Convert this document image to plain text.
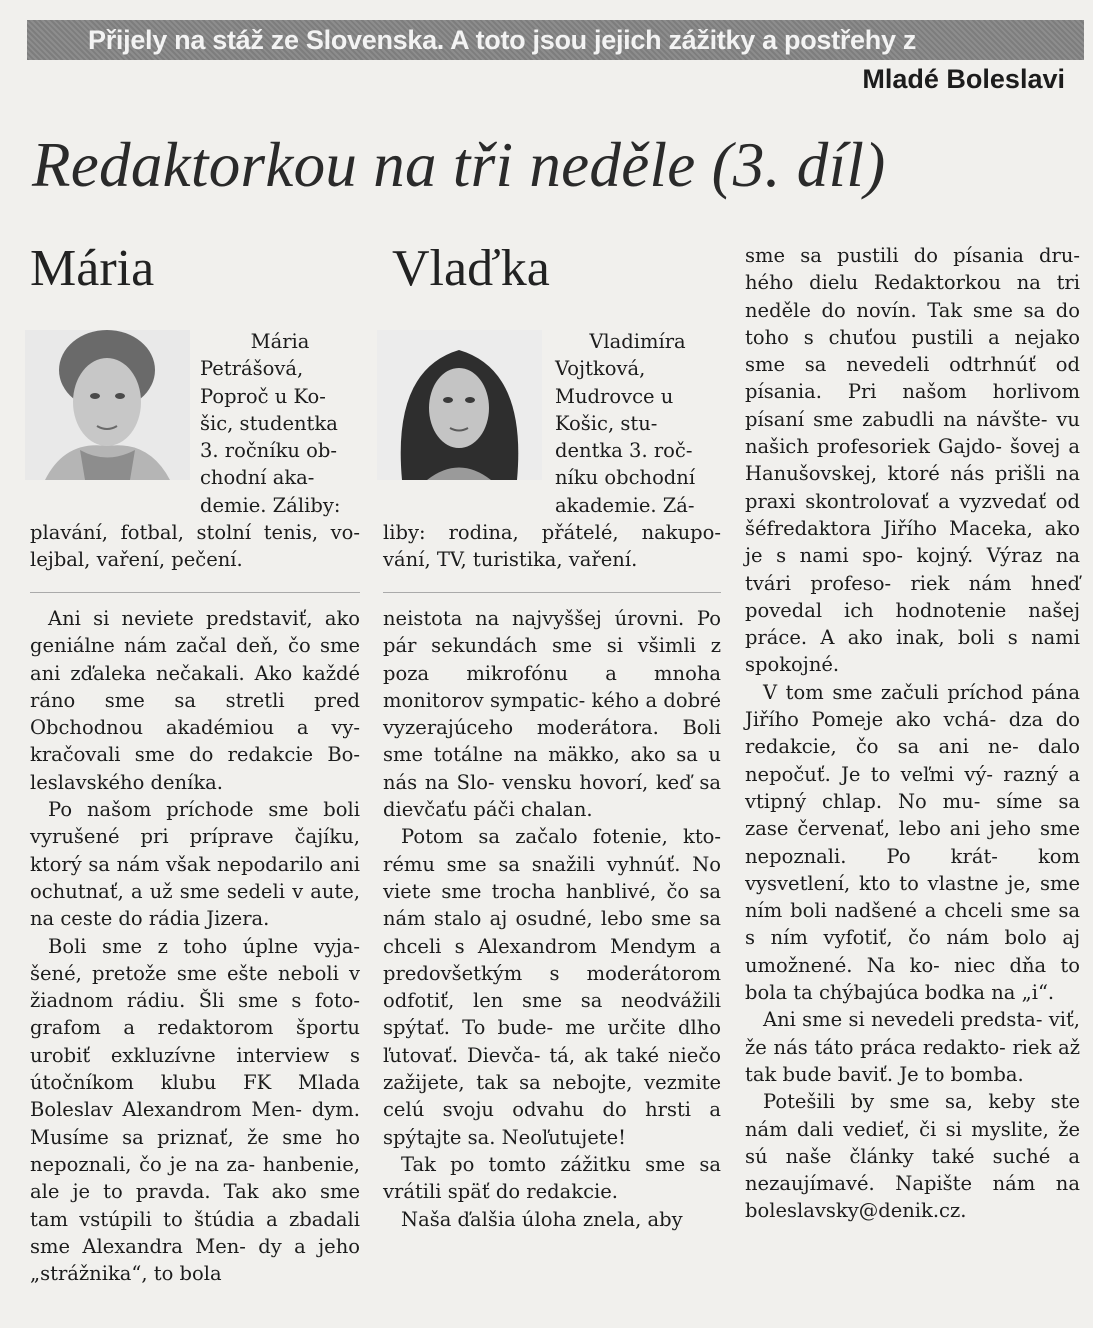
Přijely na stáž ze Slovenska. A toto jsou jejich zážitky a postřehy z
Mladé Boleslavi
Redaktorkou na tři neděle (3. díl)
Mária	Vlaďka
Mária
Petrášová,
Poproč u Ko-
šic, studentka
3. ročníku ob-
chodní aka-
demie. Záliby:
plavání, fotbal, stolní tenis, vo- lejbal, vaření, pečení.
Vladimíra
Vojtková,
Mudrovce u
Košic, stu-
dentka 3. roč-
níku obchodní
akademie. Zá-
liby: rodina, přátelé, nakupo- vání, TV, turistika, vaření.

Ani si neviete predstaviť, ako geniálne nám začal deň, čo sme ani zďaleka nečakali. Ako každé ráno sme sa stretli pred Obchodnou akadémiou a vy- kračovali sme do redakcie Bo- leslavského deníka.

Po našom príchode sme boli vyrušené pri príprave čajíku, ktorý sa nám však nepodarilo ani ochutnať, a už sme sedeli v aute, na ceste do rádia Jizera.

Boli sme z toho úplne vyja- šené, pretože sme ešte neboli v žiadnom rádiu. Šli sme s foto- grafom a redaktorom športu urobiť exkluzívne interview s útočníkom klubu FK Mlada Boleslav Alexandrom Men- dym. Musíme sa priznať, že sme ho nepoznali, čo je na za- hanbenie, ale je to pravda. Tak ako sme tam vstúpili to štúdia a zbadali sme Alexandra Men- dy a jeho „strážnika“, to bola

neistota na najvyššej úrovni. Po pár sekundách sme si všimli z poza mikrofónu a mnoha monitorov sympatic- kého a dobré vyzerajúceho moderátora. Boli sme totálne na mäkko, ako sa u nás na Slo- vensku hovorí, keď sa dievčaťu páči chalan.

Potom sa začalo fotenie, kto- rému sme sa snažili vyhnúť. No viete sme trocha hanblivé, čo sa nám stalo aj osudné, lebo sme sa chceli s Alexandrom Mendym a predovšetkým s moderátorom odfotiť, len sme sa neodvážili spýtať. To bude- me určite dlho ľutovať. Dievča- tá, ak také niečo zažijete, tak sa nebojte, vezmite celú svoju odvahu do hrsti a spýtajte sa. Neoľutujete!

Tak po tomto zážitku sme sa vrátili späť do redakcie.

Naša ďalšia úloha znela, aby

sme sa pustili do písania dru- hého dielu Redaktorkou na tri neděle do novín. Tak sme sa do toho s chuťou pustili a nejako sme sa nevedeli odtrhnúť od písania. Pri našom horlivom písaní sme zabudli na návšte- vu našich profesoriek Gajdo- šovej a Hanušovskej, ktoré nás prišli na praxi skontrolovať a vyzvedať od šéfredaktora Jiřího Maceka, ako je s nami spo- kojný. Výraz na tvári profeso- riek nám hneď povedal ich hodnotenie našej práce. A ako inak, boli s nami spokojné.

V tom sme začuli príchod pána Jiřího Pomeje ako vchá- dza do redakcie, čo sa ani ne- dalo nepočuť. Je to veľmi vý- razný a vtipný chlap. No mu- síme sa zase červenať, lebo ani jeho sme nepoznali. Po krát- kom vysvetlení, kto to vlastne je, sme ním boli nadšené a chceli sme sa s ním vyfotiť, čo nám bolo aj umožnené. Na ko- niec dňa to bola ta chýbajúca bodka na „i“.

Ani sme si nevedeli predsta- viť, že nás táto práca redakto- riek až tak bude baviť. Je to bomba.

Potešili by sme sa, keby ste nám dali vedieť, či si myslite, že sú naše články také suché a nezaujímavé. Napište nám na boleslavsky@denik.cz.
